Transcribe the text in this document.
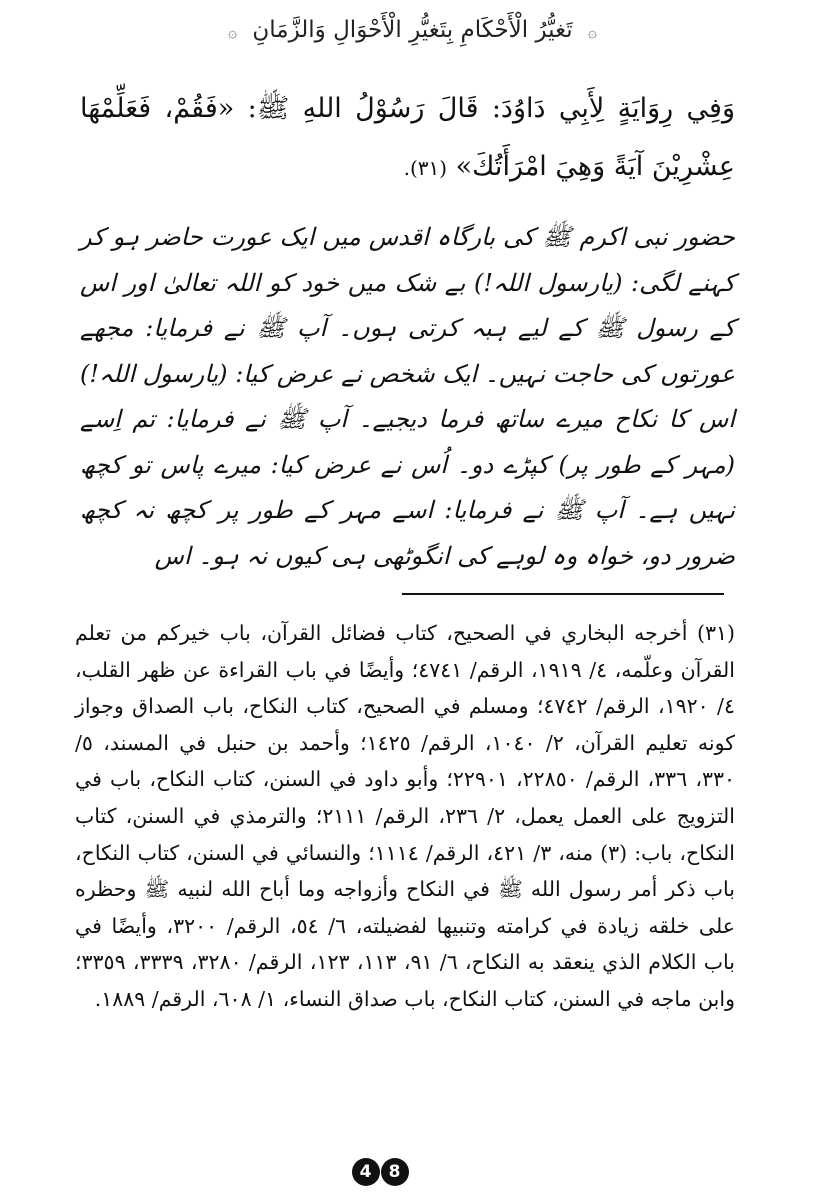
۞ تَغيُّرُ الْأَحْكَامِ بِتَغيُّرِ الْأَحْوَالِ وَالزَّمَانِ ۞
وَفِي رِوَايَةٍ لِأَبِي دَاوُدَ: قَالَ رَسُوْلُ اللهِ ﷺ: «فَقُمْ، فَعَلِّمْهَا عِشْرِيْنَ آيَةً وَهِيَ امْرَأَتُكَ» (٣١).
حضور نبی اکرم ﷺ کی بارگاہ اقدس میں ایک عورت حاضر ہو کر کہنے لگی: (یارسول اللہ!) بے شک میں خود کو اللہ تعالیٰ اور اس کے رسول ﷺ کے لیے ہبہ کرتی ہوں۔ آپ ﷺ نے فرمایا: مجھے عورتوں کی حاجت نہیں۔ ایک شخص نے عرض کیا: (یارسول اللہ!) اس کا نکاح میرے ساتھ فرما دیجیے۔ آپ ﷺ نے فرمایا: تم اِسے (مہر کے طور پر) کپڑے دو۔ اُس نے عرض کیا: میرے پاس تو کچھ نہیں ہے۔ آپ ﷺ نے فرمایا: اسے مہر کے طور پر کچھ نہ کچھ ضرور دو، خواہ وہ لوہے کی انگوٹھی ہی کیوں نہ ہو۔ اس
(٣١) أخرجه البخاري في الصحيح، كتاب فضائل القرآن، باب خيركم من تعلم القرآن وعلّمه، ٤/ ١٩١٩، الرقم/ ٤٧٤١؛ وأيضًا في باب القراءة عن ظهر القلب، ٤/ ١٩٢٠، الرقم/ ٤٧٤٢؛ ومسلم في الصحيح، كتاب النكاح، باب الصداق وجواز كونه تعليم القرآن، ٢/ ١٠٤٠، الرقم/ ١٤٢٥؛ وأحمد بن حنبل في المسند، ٥/ ٣٣٠، ٣٣٦، الرقم/ ٢٢٨٥٠، ٢٢٩٠١؛ وأبو داود في السنن، كتاب النكاح، باب في التزويج على العمل يعمل، ٢/ ٢٣٦، الرقم/ ٢١١١؛ والترمذي في السنن، كتاب النكاح، باب: (٣) منه، ٣/ ٤٢١، الرقم/ ١١١٤؛ والنسائي في السنن، كتاب النكاح، باب ذكر أمر رسول الله ﷺ في النكاح وأزواجه وما أباح الله لنبيه ﷺ وحظره على خلقه زيادة في كرامته وتنبيها لفضيلته، ٦/ ٥٤، الرقم/ ٣٢٠٠، وأيضًا في باب الكلام الذي ينعقد به النكاح، ٦/ ٩١، ١١٣، ١٢٣، الرقم/ ٣٢٨٠، ٣٣٣٩، ٣٣٥٩؛ وابن ماجه في السنن، كتاب النكاح، باب صداق النساء، ١/ ٦٠٨، الرقم/ ١٨٨٩.
4	8
